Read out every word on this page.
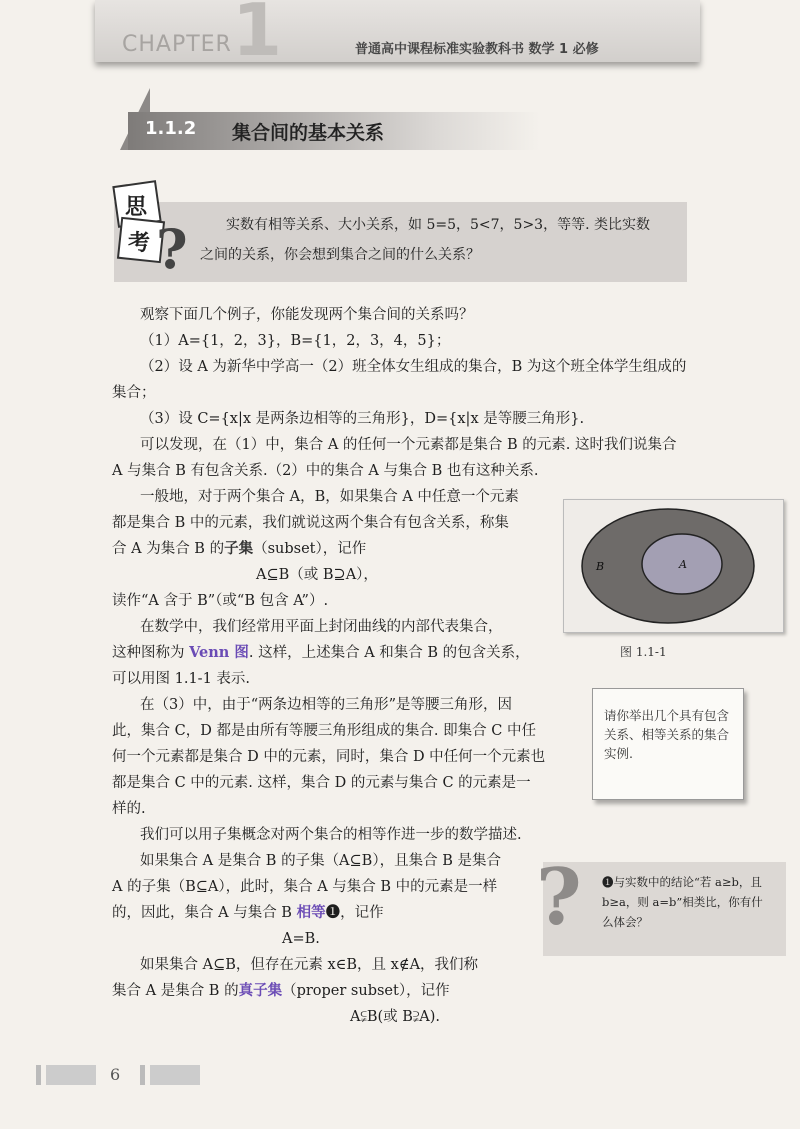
1
CHAPTER	普通高中课程标准实验教科书 数学 1 必修
1.1.2 集合间的基本关系
思
考 ?	实数有相等关系、大小关系，如 5=5，5<7，5>3，等等. 类比实数
之间的关系，你会想到集合之间的什么关系？
观察下面几个例子，你能发现两个集合间的关系吗？
（1）A={1，2，3}，B={1，2，3，4，5}；
（2）设 A 为新华中学高一（2）班全体女生组成的集合，B 为这个班全体学生组成的
集合；
（3）设 C={x|x 是两条边相等的三角形}，D={x|x 是等腰三角形}.
可以发现，在（1）中，集合 A 的任何一个元素都是集合 B 的元素. 这时我们说集合
A 与集合 B 有包含关系.（2）中的集合 A 与集合 B 也有这种关系.
一般地，对于两个集合 A，B，如果集合 A 中任意一个元素
都是集合 B 中的元素，我们就说这两个集合有包含关系，称集
合 A 为集合 B 的子集（subset），记作
A⊆B（或 B⊇A），
读作“A 含于 B”（或“B 包含 A”）.
在数学中，我们经常用平面上封闭曲线的内部代表集合，
这种图称为 Venn 图. 这样，上述集合 A 和集合 B 的包含关系，
可以用图 1.1-1 表示.
在（3）中，由于“两条边相等的三角形”是等腰三角形，因
此，集合 C，D 都是由所有等腰三角形组成的集合. 即集合 C 中任
何一个元素都是集合 D 中的元素，同时，集合 D 中任何一个元素也
都是集合 C 中的元素. 这样，集合 D 的元素与集合 C 的元素是一
样的.
我们可以用子集概念对两个集合的相等作进一步的数学描述.
如果集合 A 是集合 B 的子集（A⊆B），且集合 B 是集合
A 的子集（B⊆A），此时，集合 A 与集合 B 中的元素是一样
的，因此，集合 A 与集合 B 相等❶，记作
A=B.
如果集合 A⊆B，但存在元素 x∈B，且 x∉A，我们称
集合 A 是集合 B 的真子集（proper subset），记作
A⫋B(或 B⫌A).
B	A
图 1.1-1
请你举出几个具有包含关系、相等关系的集合实例.
? ❶与实数中的结论“若 a≥b，且 b≥a，则 a=b”相类比，你有什么体会？
6
